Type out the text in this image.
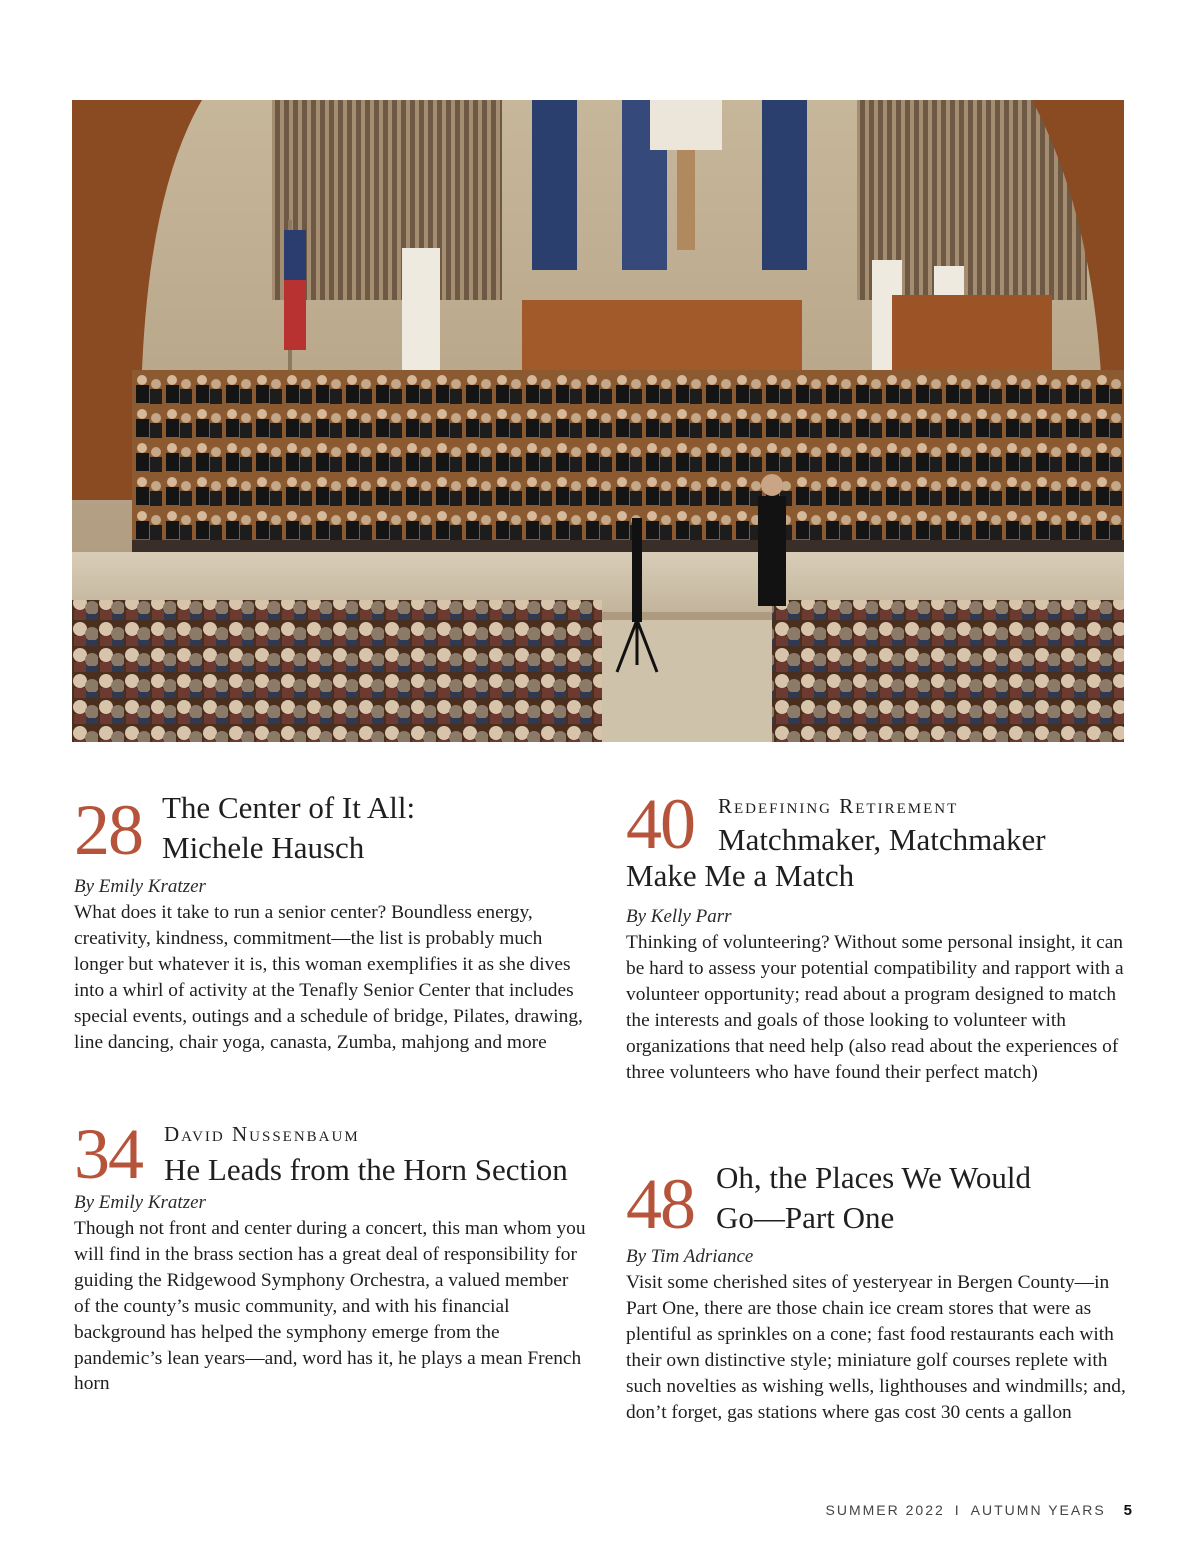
28 The Center of It All:
Michele Hausch
By Emily Kratzer

What does it take to run a senior center? Boundless energy, creativity, kindness, commitment—the list is probably much longer but whatever it is, this woman exemplifies it as she dives into a whirl of activity at the Tenafly Senior Center that includes special events, outings and a schedule of bridge, Pilates, drawing, line dancing, chair yoga, canasta, Zumba, mahjong and more

34 David Nussenbaum
He Leads from the Horn Section
By Emily Kratzer

Though not front and center during a concert, this man whom you will find in the brass section has a great deal of responsibility for guiding the Ridgewood Symphony Orchestra, a valued member of the county’s music community, and with his financial background has helped the symphony emerge from the pandemic’s lean years—and, word has it, he plays a mean French horn

40 Redefining Retirement
Matchmaker, Matchmaker
Make Me a Match
By Kelly Parr

Thinking of volunteering? Without some personal insight, it can be hard to assess your potential compatibility and rapport with a volunteer opportunity; read about a program designed to match the interests and goals of those looking to volunteer with organizations that need help (also read about the experiences of three volunteers who have found their perfect match)

48 Oh, the Places We Would
Go—Part One
By Tim Adriance

Visit some cherished sites of yesteryear in Bergen County—in Part One, there are those chain ice cream stores that were as plentiful as sprinkles on a cone; fast food restaurants each with their own distinctive style; miniature golf courses replete with such novelties as wishing wells, lighthouses and windmills; and, don’t forget, gas stations where gas cost 30 cents a gallon

SUMMER 2022 I AUTUMN YEARS 5
